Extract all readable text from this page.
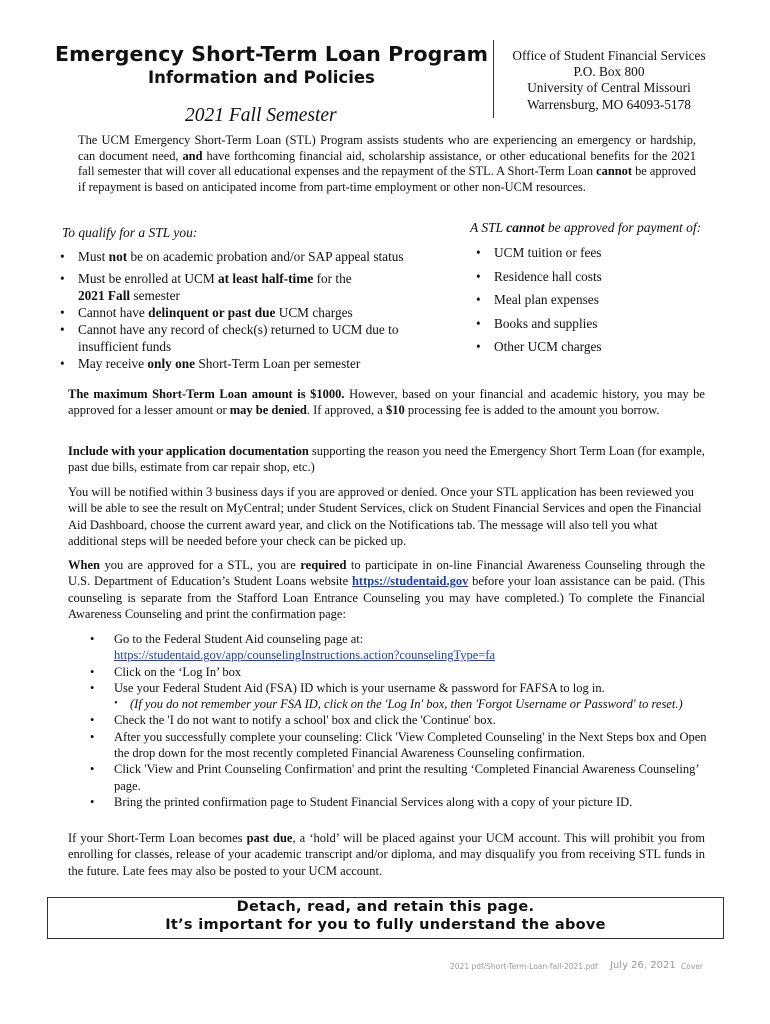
Emergency Short-Term Loan Program
Information and Policies
2021 Fall Semester
Office of Student Financial Services
P.O. Box 800
University of Central Missouri
Warrensburg, MO 64093-5178
The UCM Emergency Short-Term Loan (STL) Program assists students who are experiencing an emergency or hardship, can document need, and have forthcoming financial aid, scholarship assistance, or other educational benefits for the 2021 fall semester that will cover all educational expenses and the repayment of the STL. A Short-Term Loan cannot be approved if repayment is based on anticipated income from part-time employment or other non-UCM resources.
To qualify for a STL you:
• Must not be on academic probation and/or SAP appeal status
• Must be enrolled at UCM at least half-time for the
2021 Fall semester
• Cannot have delinquent or past due UCM charges
• Cannot have any record of check(s) returned to UCM due to insufficient funds
• May receive only one Short-Term Loan per semester
A STL cannot be approved for payment of:
• UCM tuition or fees
• Residence hall costs
• Meal plan expenses
• Books and supplies
• Other UCM charges
The maximum Short-Term Loan amount is $1000. However, based on your financial and academic history, you may be approved for a lesser amount or may be denied. If approved, a $10 processing fee is added to the amount you borrow.
Include with your application documentation supporting the reason you need the Emergency Short Term Loan (for example, past due bills, estimate from car repair shop, etc.)
You will be notified within 3 business days if you are approved or denied. Once your STL application has been reviewed you will be able to see the result on MyCentral; under Student Services, click on Student Financial Services and open the Financial Aid Dashboard, choose the current award year, and click on the Notifications tab. The message will also tell you what additional steps will be needed before your check can be picked up.
When you are approved for a STL, you are required to participate in on-line Financial Awareness Counseling through the U.S. Department of Education’s Student Loans website https://studentaid.gov before your loan assistance can be paid. (This counseling is separate from the Stafford Loan Entrance Counseling you may have completed.) To complete the Financial Awareness Counseling and print the confirmation page:
• Go to the Federal Student Aid counseling page at:
https://studentaid.gov/app/counselingInstructions.action?counselingType=fa
• Click on the ‘Log In’ box
• Use your Federal Student Aid (FSA) ID which is your username & password for FAFSA to log in.
• (If you do not remember your FSA ID, click on the 'Log In' box, then 'Forgot Username or Password' to reset.)
• Check the 'I do not want to notify a school' box and click the 'Continue' box.
• After you successfully complete your counseling: Click 'View Completed Counseling' in the Next Steps box and Open the drop down for the most recently completed Financial Awareness Counseling confirmation.
• Click 'View and Print Counseling Confirmation' and print the resulting ‘Completed Financial Awareness Counseling’ page.
• Bring the printed confirmation page to Student Financial Services along with a copy of your picture ID.
If your Short-Term Loan becomes past due, a ‘hold’ will be placed against your UCM account. This will prohibit you from enrolling for classes, release of your academic transcript and/or diploma, and may disqualify you from receiving STL funds in the future. Late fees may also be posted to your UCM account.
Detach, read, and retain this page.
It’s important for you to fully understand the above
2021 pdf/Short-Term-Loan-fall-2021.pdf July 26, 2021 Cover
